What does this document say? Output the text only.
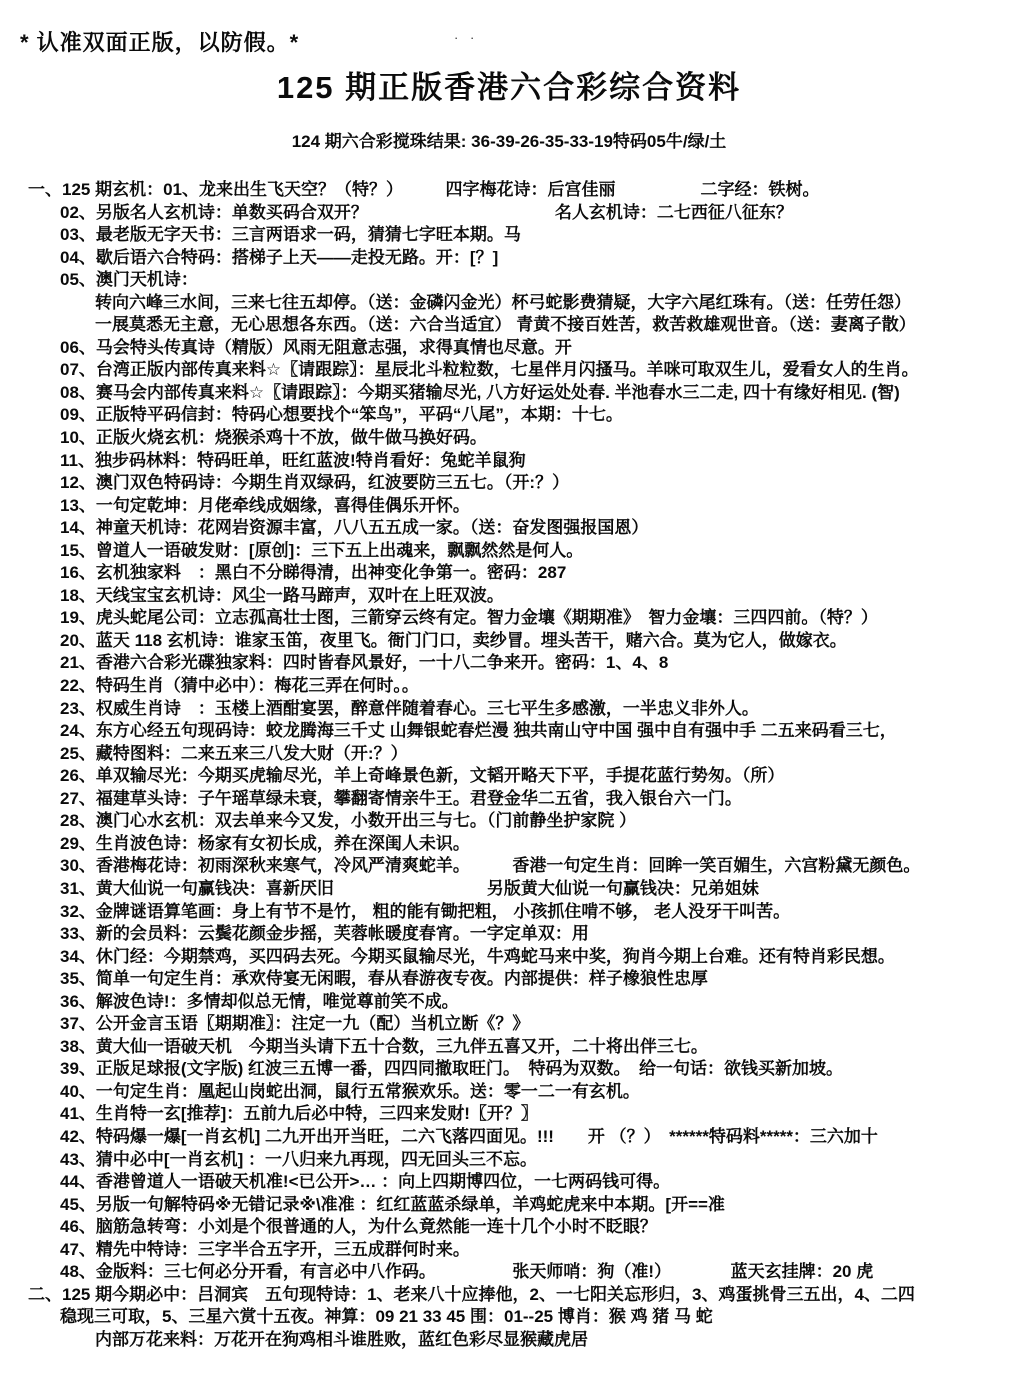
* 认准双面正版，以防假。*	· ·
125 期正版香港六合彩综合资料
124 期六合彩搅珠结果: 36-39-26-35-33-19特码05牛/绿/土
一、125 期玄机：01、龙来出生飞天空？（特？）　　　四字梅花诗：后宫佳丽　　　　　二字经：铁树。
02、另版名人玄机诗：单数买码合双开？　　　　　　　　　　　名人玄机诗：二七西征八征东？
03、最老版无字天书：三言两语求一码，猜猜七字旺本期。马
04、歇后语六合特码：搭梯子上天——走投无路。开：[？]
05、澳门天机诗：
转向六峰三水间，三来七往五却停。（送：金磷闪金光）杯弓蛇影费猜疑，大字六尾红珠有。（送：任劳任怨）
一展莫悉无主意，无心思想各东西。（送：六合当适宜） 青黄不接百姓苦，救苦救雄观世音。（送：妻离子散）
06、马会特头传真诗（精版）风雨无阻意志强，求得真情也尽意。开
07、台湾正版内部传真来料☆〖请跟踪〗：星辰北斗粒粒数，七星伴月闪搔马。羊咪可取双生儿，爱看女人的生肖。
08、赛马会内部传真来料☆〖请跟踪〗：今期买猪输尽光, 八方好运处处春. 半池春水三二走, 四十有缘好相见. (智)
09、正版特平码信封：特码心想要找个“笨鸟”，平码“八尾”，本期：十七。
10、正版火烧玄机：烧猴杀鸡十不放，做牛做马换好码。
11、独步码林料：特码旺单，旺红蓝波!特肖看好：兔蛇羊鼠狗
12、澳门双色特码诗：今期生肖双绿码，红波要防三五七。（开:？）
13、一句定乾坤：月佬牵线成姻缘，喜得佳偶乐开怀。
14、神童天机诗：花网岩资源丰富，八八五五成一家。（送：奋发图强报国恩）
15、曾道人一语破发财：[原创]：三下五上出魂来，飘飘然然是何人。
16、玄机独家料　：黑白不分睇得清，出神变化争第一。密码：287
18、天线宝宝玄机诗：风尘一路马蹄声，双叶在上旺双波。
19、虎头蛇尾公司：立志孤高壮士图，三箭穿云终有定。智力金壤《期期准》　智力金壤：三四四前。（特？）
20、蓝天 118 玄机诗：谁家玉笛，夜里飞。衙门门口，卖纱冒。埋头苦干，赌六合。莫为它人，做嫁衣。
21、香港六合彩光碟独家料：四时皆春风景好，一十八二争来开。密码：1、4、8
22、特码生肖（猜中必中）：梅花三弄在何时。。
23、权威生肖诗　：玉楼上酒酣宴罢，醉意伴随着春心。三七平生多感激，一半忠义非外人。
24、东方心经五句现码诗：蛟龙腾海三千丈 山舞银蛇春烂漫 独共南山守中国 强中自有强中手 二五来码看三七，
25、藏特图料：二来五来三八发大财（开:？）
26、单双输尽光：今期买虎输尽光，羊上奇峰景色新，文韬开略天下平，手提花蓝行势匆。（所）
27、福建草头诗：子午瑶草绿未衰，攀翻寄情亲牛王。君登金华二五省，我入银台六一门。
28、澳门心水玄机：双去单来今又发，小数开出三与七。（门前静坐护家院 ）
29、生肖波色诗：杨家有女初长成，养在深闺人未识。
30、香港梅花诗：初雨深秋来寒气，冷风严清爽蛇羊。　　　香港一句定生肖：回眸一笑百媚生，六宫粉黛无颜色。
31、黄大仙说一句赢钱决：喜新厌旧　　　　　　　　　另版黄大仙说一句赢钱决：兄弟姐妹
32、金牌谜语算笔画：身上有节不是竹， 粗的能有锄把粗， 小孩抓住啃不够， 老人没牙干叫苦。
33、新的会员料：云鬓花颜金步摇，芙蓉帐暖度春宵。一字定单双：用
34、休门经：今期禁鸡，买四码去死。今期买鼠输尽光，牛鸡蛇马来中奖，狗肖今期上台难。还有特肖彩民想。
35、简单一句定生肖：承欢侍宴无闲暇，春从春游夜专夜。内部提供：样子橡狼性忠厚
36、解波色诗!：多情却似总无情，唯觉尊前笑不成。
37、公开金言玉语〖期期准〗：注定一九（配）当机立断《？》
38、黄大仙一语破天机　今期当头请下五十合数，三九伴五喜又开，二十将出伴三七。
39、正版足球报(文字版) 红波三五博一番，四四同撤取旺门。　特码为双数。　给一句话：欲钱买新加坡。
40、一句定生肖：凰起山岗蛇出洞，鼠行五常猴欢乐。送：零一二一有玄机。
41、生肖特一玄[推荐]：五前九后必中特，三四来发财!〖开？〗
42、特码爆一爆[一肖玄机] 二九开出开当旺，二六飞落四面见。!!!　　开 （？）　******特码料*****：三六加十
43、猜中必中[一肖玄机] ：一八归来九再现，四无回头三不忘。
44、香港曾道人一语破天机准!<已公开>… ：向上四期博四位，一七两码钱可得。
45、另版一句解特码※无错记录※\准准 ：红红蓝蓝杀绿单，羊鸡蛇虎来中本期。[开==准
46、脑筋急转弯：小刘是个很普通的人，为什么竟然能一连十几个小时不眨眼？
47、精先中特诗：三字半合五字开，三五成群何时来。
48、金版料：三七何必分开看，有言必中八作码。　　　　　张天师哨：狗（准!）　　　　蓝天玄挂牌：20 虎
二、125 期今期必中：吕洞宾　五句现特诗：1、老来八十应捧他，2、一七阳关忘形归，3、鸡蛋挑骨三五出，4、二四
稳现三可取，5、三星六赏十五夜。神算：09 21 33 45 围：01--25 博肖：猴 鸡 猪 马 蛇
内部万花来料：万花开在狗鸡相斗谁胜败，蓝红色彩尽显猴藏虎居
